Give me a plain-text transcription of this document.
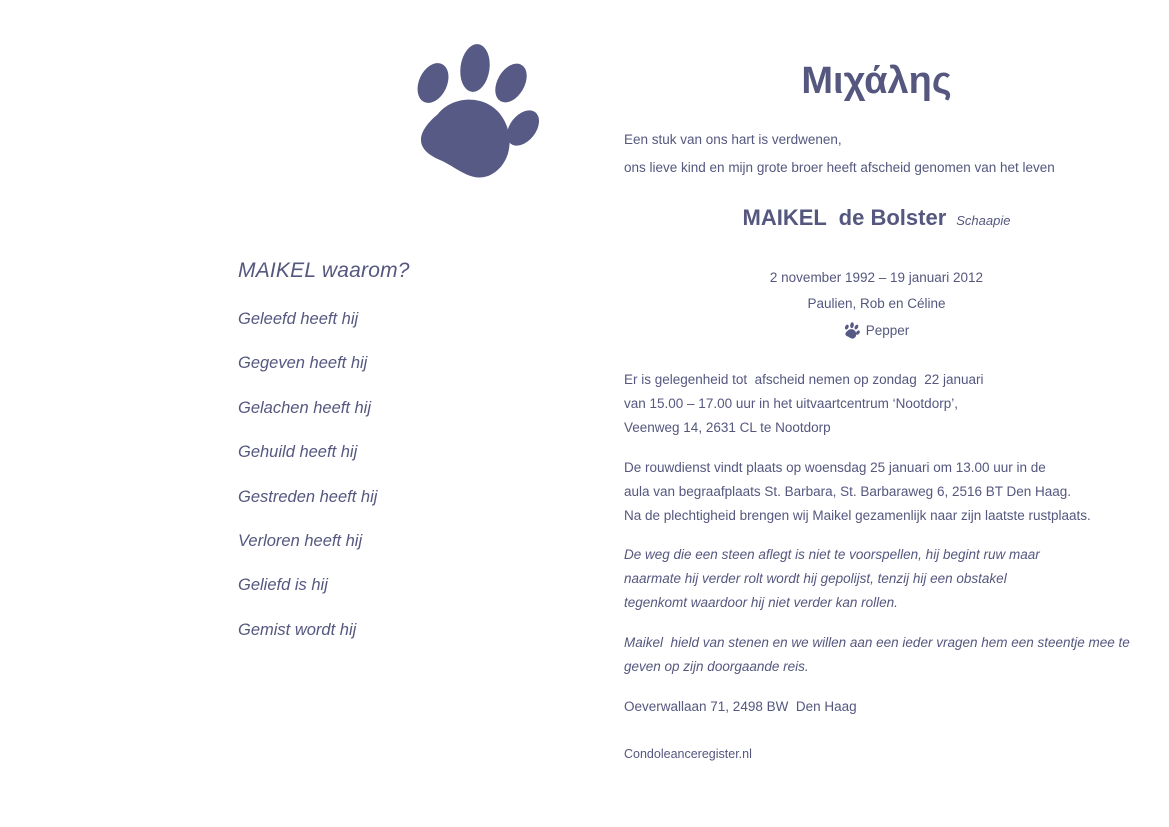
MAIKEL waarom?
Geleefd heeft hij
Gegeven heeft hij
Gelachen heeft hij
Gehuild heeft hij
Gestreden heeft hij
Verloren heeft hij
Geliefd is hij
Gemist wordt hij
Μιχάλης
Een stuk van ons hart is verdwenen,
ons lieve kind en mijn grote broer heeft afscheid genomen van het leven
MAIKEL  de Bolster Schaapie
2 november 1992 – 19 januari 2012
Paulien, Rob en Céline
Pepper
Er is gelegenheid tot  afscheid nemen op zondag  22 januari
van 15.00 – 17.00 uur in het uitvaartcentrum ‘Nootdorp’,
Veenweg 14, 2631 CL te Nootdorp
De rouwdienst vindt plaats op woensdag 25 januari om 13.00 uur in de
aula van begraafplaats St. Barbara, St. Barbaraweg 6, 2516 BT Den Haag.
Na de plechtigheid brengen wij Maikel gezamenlijk naar zijn laatste rustplaats.
De weg die een steen aflegt is niet te voorspellen, hij begint ruw maar
naarmate hij verder rolt wordt hij gepolijst, tenzij hij een obstakel
tegenkomt waardoor hij niet verder kan rollen.
Maikel  hield van stenen en we willen aan een ieder vragen hem een steentje mee te
geven op zijn doorgaande reis.
Oeverwallaan 71, 2498 BW  Den Haag
Condoleanceregister.nl
